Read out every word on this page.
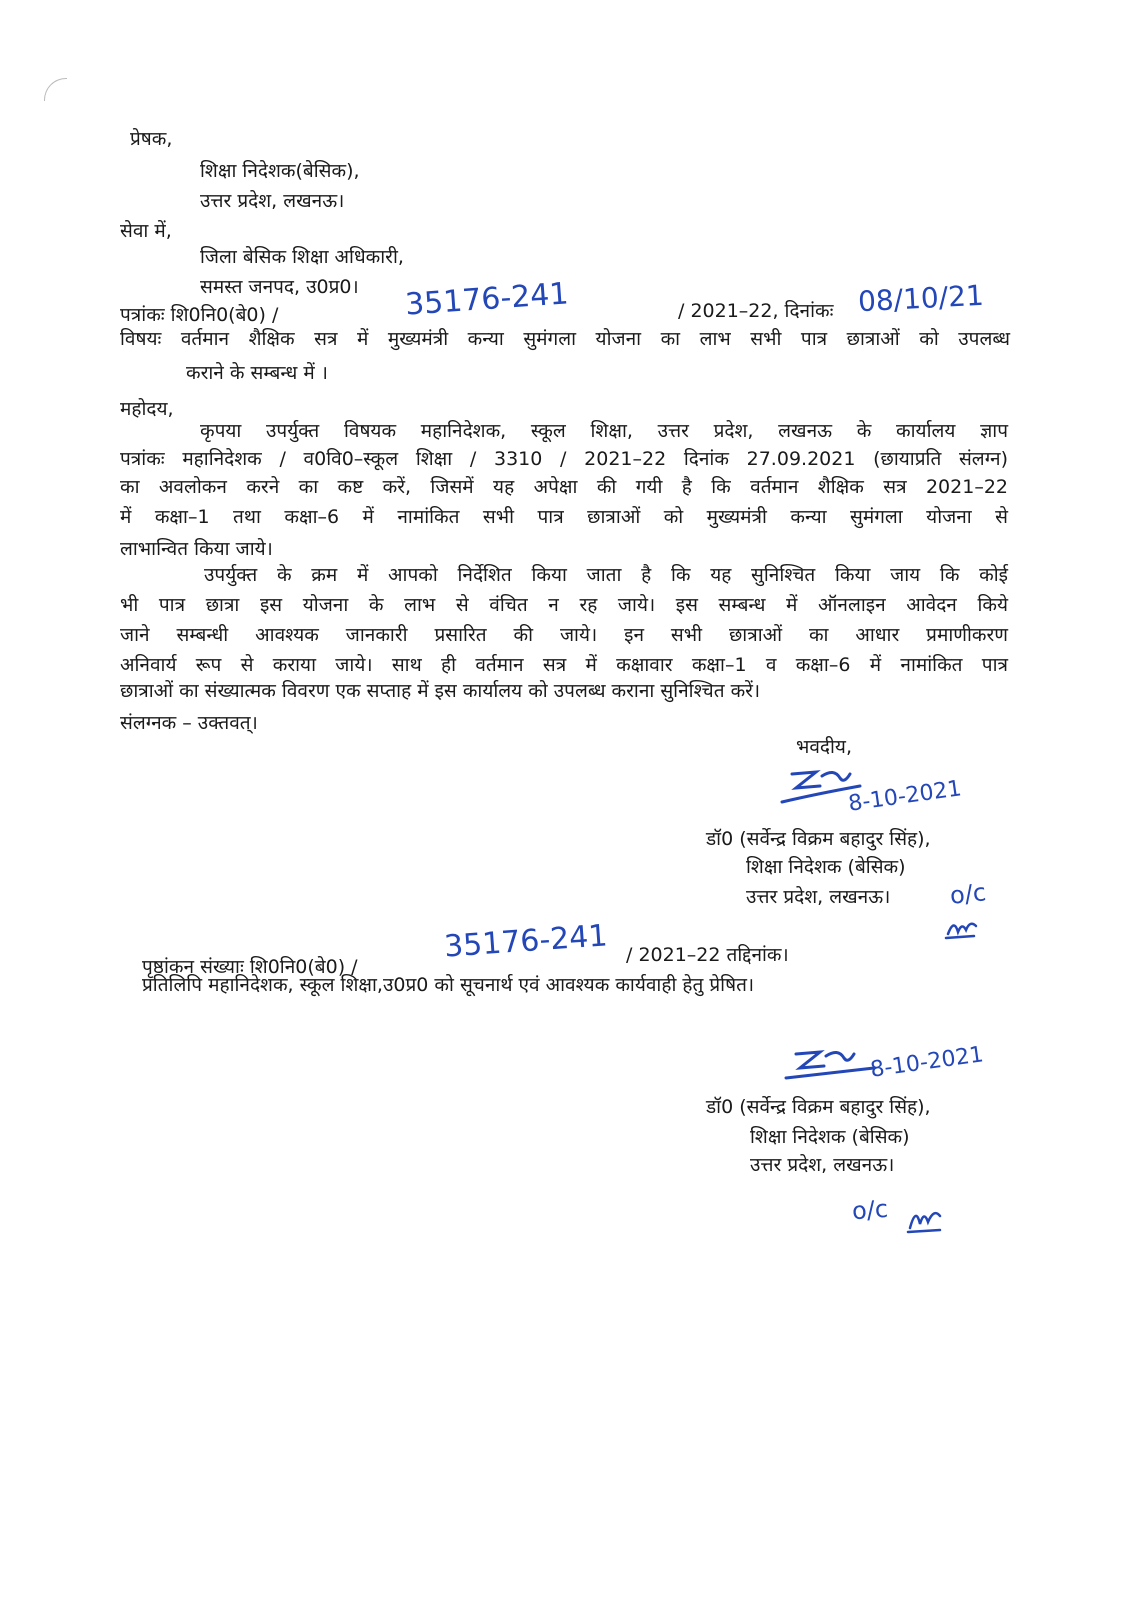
प्रेषक,
शिक्षा निदेशक(बेसिक),
उत्तर प्रदेश, लखनऊ।
सेवा में,
जिला बेसिक शिक्षा अधिकारी,
समस्त जनपद, उ0प्र0।
पत्रांकः शि0नि0(बे0) /	35176-241	/ 2021–22, दिनांकः 08/10/21
विषयः वर्तमान शैक्षिक सत्र में मुख्यमंत्री कन्या सुमंगला योजना का लाभ सभी पात्र छात्राओं को उपलब्ध
कराने के सम्बन्ध में ।
महोदय,
कृपया उपर्युक्त विषयक महानिदेशक, स्कूल शिक्षा, उत्तर प्रदेश, लखनऊ के कार्यालय ज्ञाप
पत्रांकः महानिदेशक / व0वि0–स्कूल शिक्षा / 3310 / 2021–22 दिनांक 27.09.2021 (छायाप्रति संलग्न)
का अवलोकन करने का कष्ट करें, जिसमें यह अपेक्षा की गयी है कि वर्तमान शैक्षिक सत्र 2021–22
में कक्षा–1 तथा कक्षा–6 में नामांकित सभी पात्र छात्राओं को मुख्यमंत्री कन्या सुमंगला योजना से
लाभान्वित किया जाये।
उपर्युक्त के क्रम में आपको निर्देशित किया जाता है कि यह सुनिश्चित किया जाय कि कोई
भी पात्र छात्रा इस योजना के लाभ से वंचित न रह जाये। इस सम्बन्ध में ऑनलाइन आवेदन किये
जाने सम्बन्धी आवश्यक जानकारी प्रसारित की जाये। इन सभी छात्राओं का आधार प्रमाणीकरण
अनिवार्य रूप से कराया जाये। साथ ही वर्तमान सत्र में कक्षावार कक्षा–1 व कक्षा–6 में नामांकित पात्र
छात्राओं का संख्यात्मक विवरण एक सप्ताह में इस कार्यालय को उपलब्ध कराना सुनिश्चित करें।
संलग्नक – उक्तवत्।
भवदीय,
8-10-2021
डॉ0 (सर्वेन्द्र विक्रम बहादुर सिंह),
शिक्षा निदेशक (बेसिक)
उत्तर प्रदेश, लखनऊ। o/c
पृष्ठांकन संख्याः शि0नि0(बे0) /
35176-241 / 2021–22 तद्दिनांक।
प्रतिलिपि महानिदेशक, स्कूल शिक्षा,उ0प्र0 को सूचनार्थ एवं आवश्यक कार्यवाही हेतु प्रेषित।
8-10-2021
डॉ0 (सर्वेन्द्र विक्रम बहादुर सिंह),
शिक्षा निदेशक (बेसिक)
उत्तर प्रदेश, लखनऊ।
o/c
